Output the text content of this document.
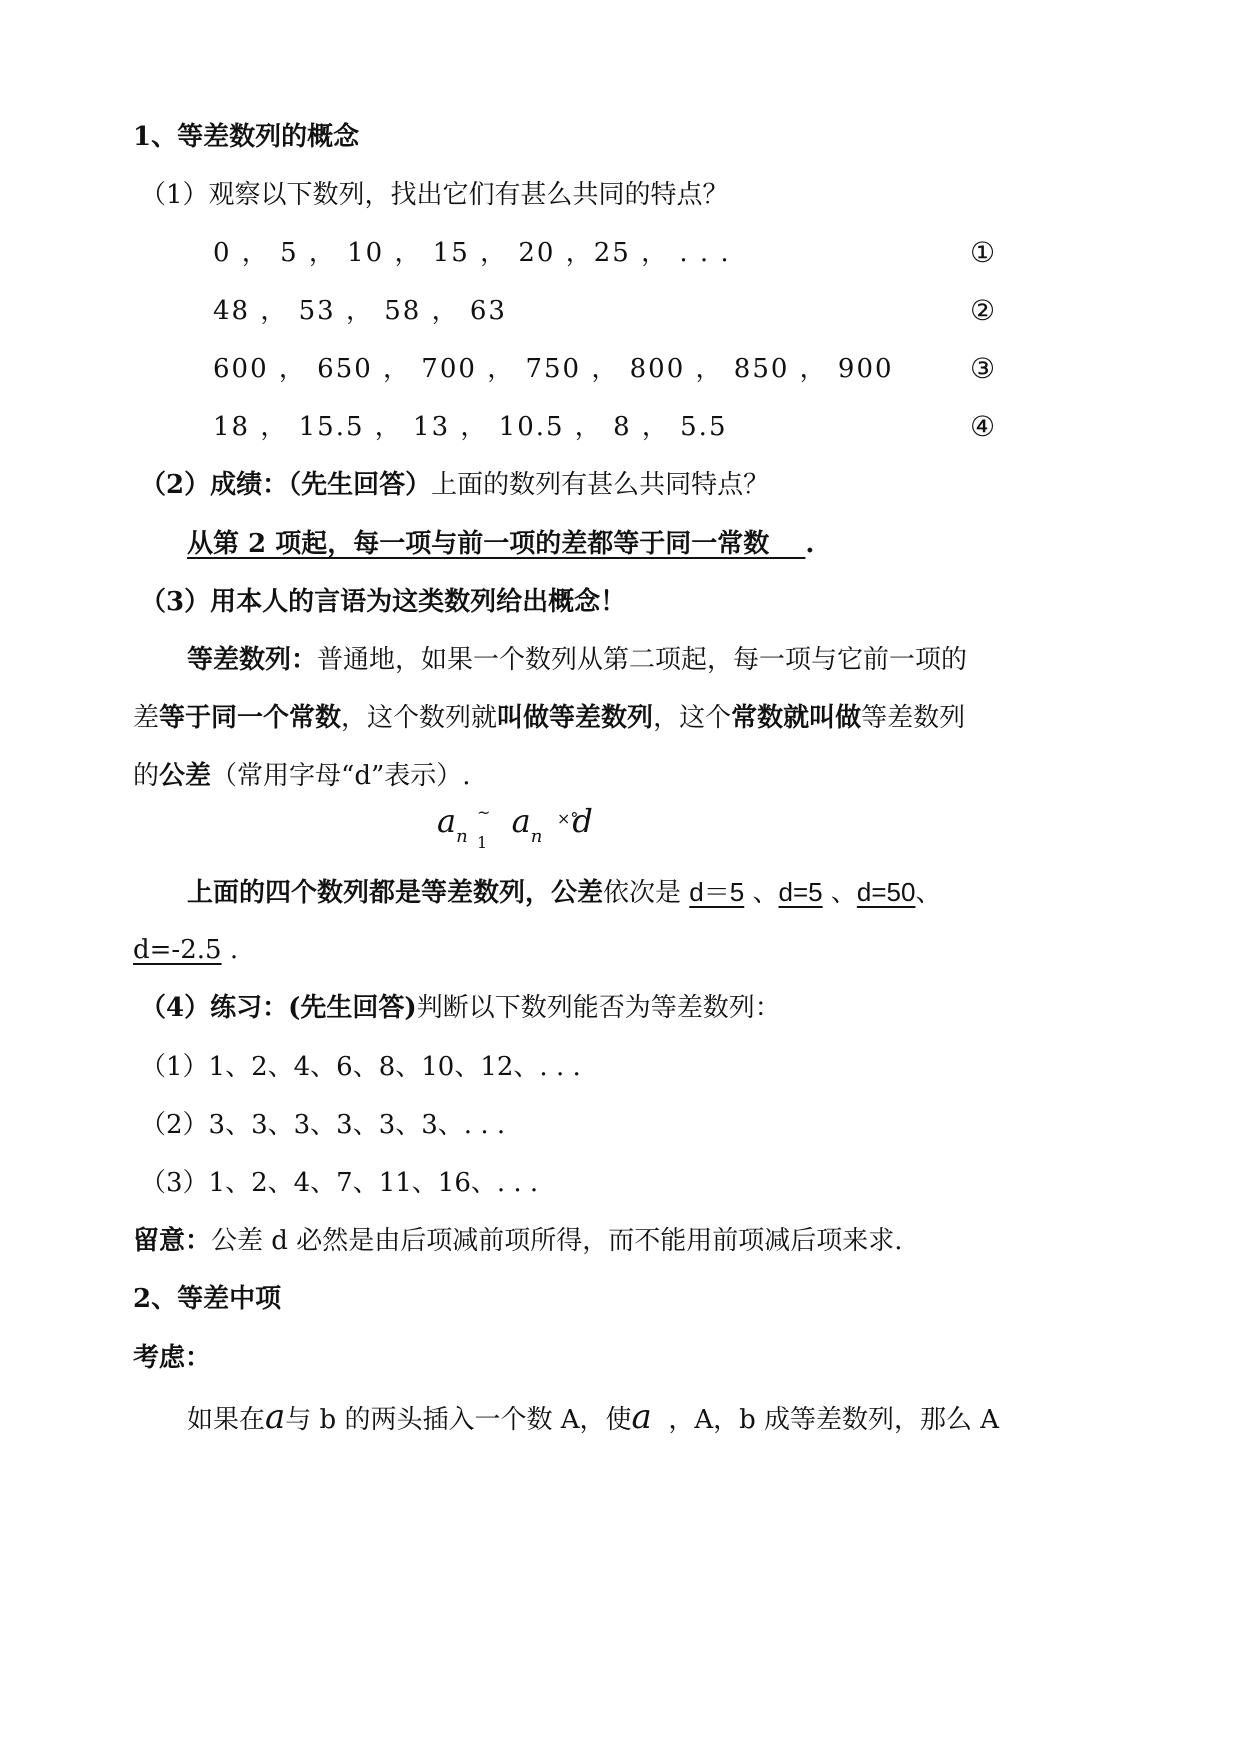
1、等差数列的概念
（1）观察以下数列，找出它们有甚么共同的特点？
0 ， 5 ， 10 ， 15 ， 20 ，25 ， . . .	①
48 ， 53 ， 58 ， 63	②
600 ， 650 ， 700 ， 750 ， 800 ， 850 ， 900	③
18 ， 15.5 ， 13 ， 10.5 ， 8 ， 5.5	④
（2）成绩：（先生回答）上面的数列有甚么共同特点？
从第 2 项起，每一项与前一项的差都等于同一常数 .
（3）用本人的言语为这类数列给出概念！
等差数列：普通地，如果一个数列从第二项起，每一项与它前一项的
差等于同一个常数，这个数列就叫做等差数列，这个常数就叫做等差数列
的公差（常用字母“d”表示）.
$a_n$
~
1
$a_n$
×°
d
上面的四个数列都是等差数列，公差依次是 d＝5 、d=5 、d=50、
d=-2.5 .
（4）练习：(先生回答)判断以下数列能否为等差数列：
（1）1、2、4、6、8、10、12、. . .
（2）3、3、3、3、3、3、. . .
（3）1、2、4、7、11、16、. . .
留意：公差 d 必然是由后项减前项所得，而不能用前项减后项来求.
2、等差中项
考虑：
如果在a与 b 的两头插入一个数 A，使a ，A，b 成等差数列，那么 A
